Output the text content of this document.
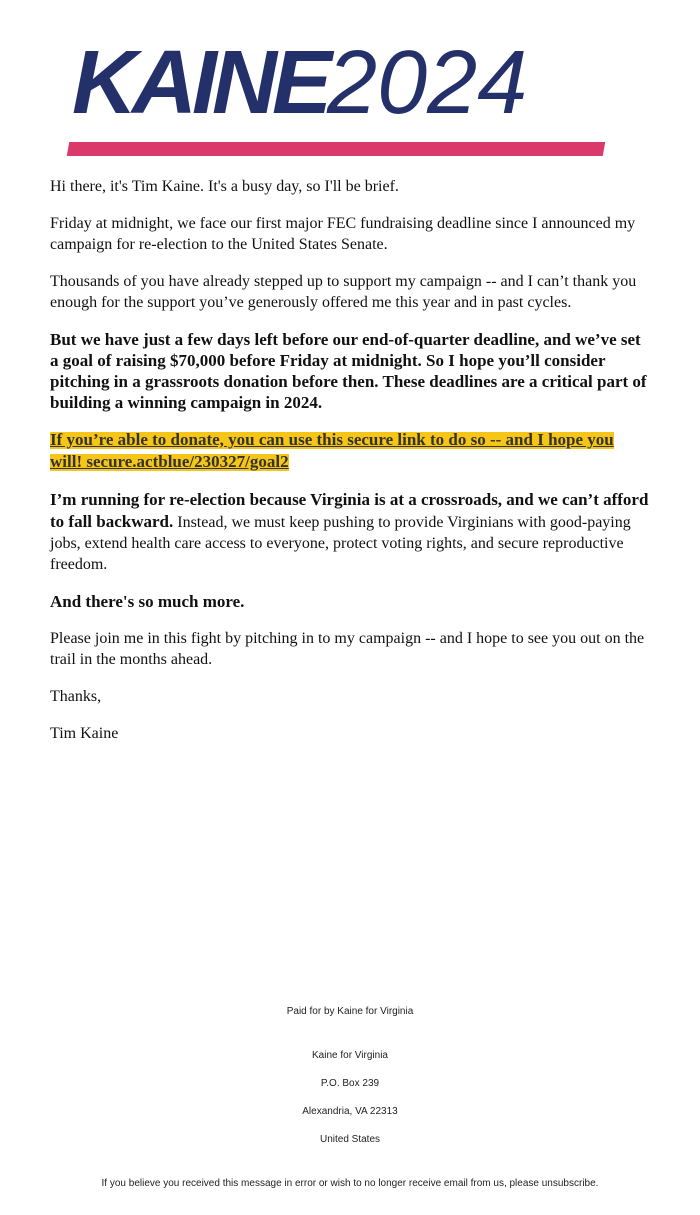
KAINE2024

Hi there, it's Tim Kaine. It's a busy day, so I'll be brief.

Friday at midnight, we face our first major FEC fundraising deadline since I announced my campaign for re-election to the United States Senate.

Thousands of you have already stepped up to support my campaign -- and I can’t thank you enough for the support you’ve generously offered me this year and in past cycles.

But we have just a few days left before our end-of-quarter deadline, and we’ve set a goal of raising $70,000 before Friday at midnight. So I hope you’ll consider pitching in a grassroots donation before then. These deadlines are a critical part of building a winning campaign in 2024.

If you’re able to donate, you can use this secure link to do so -- and I hope you will! secure.actblue/230327/goal2

I’m running for re-election because Virginia is at a crossroads, and we can’t afford to fall backward. Instead, we must keep pushing to provide Virginians with good-paying jobs, extend health care access to everyone, protect voting rights, and secure reproductive freedom.

And there's so much more.

Please join me in this fight by pitching in to my campaign -- and I hope to see you out on the trail in the months ahead.

Thanks,

Tim Kaine

Paid for by Kaine for Virginia
Kaine for Virginia
P.O. Box 239
Alexandria, VA 22313
United States
If you believe you received this message in error or wish to no longer receive email from us, please unsubscribe.
